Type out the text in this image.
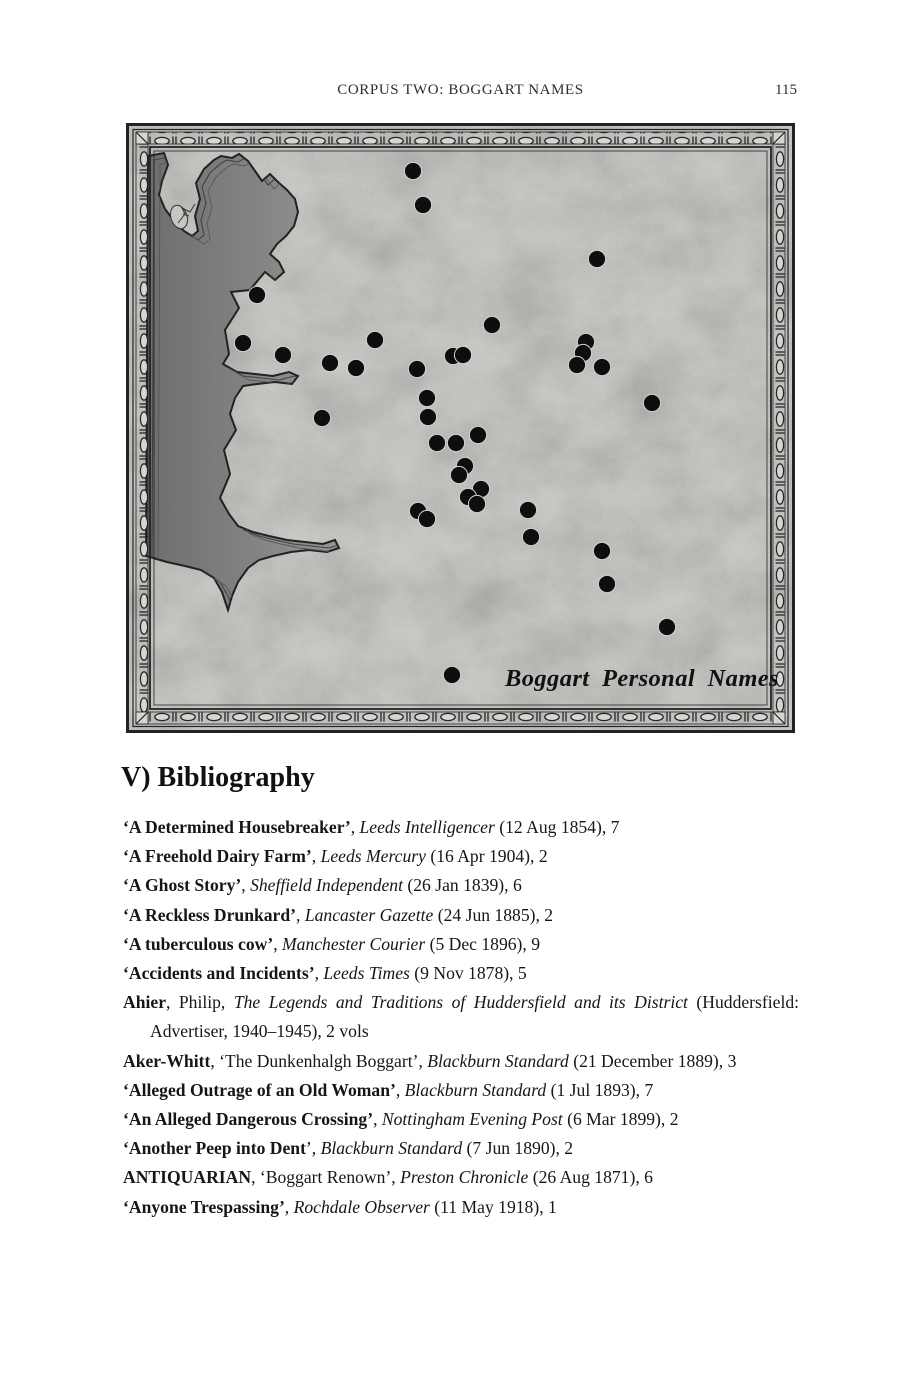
CORPUS TWO: BOGGART NAMES	115
Boggart Personal Names
V) Bibliography

‘A Determined Housebreaker’, Leeds Intelligencer (12 Aug 1854), 7

‘A Freehold Dairy Farm’, Leeds Mercury (16 Apr 1904), 2

‘A Ghost Story’, Sheffield Independent (26 Jan 1839), 6

‘A Reckless Drunkard’, Lancaster Gazette (24 Jun 1885), 2

‘A tuberculous cow’, Manchester Courier (5 Dec 1896), 9

‘Accidents and Incidents’, Leeds Times (9 Nov 1878), 5

Ahier, Philip, The Legends and Traditions of Huddersfield and its District (Huddersfield: Advertiser, 1940–1945), 2 vols

Aker-Whitt, ‘The Dunkenhalgh Boggart’, Blackburn Standard (21 December 1889), 3

‘Alleged Outrage of an Old Woman’, Blackburn Standard (1 Jul 1893), 7

‘An Alleged Dangerous Crossing’, Nottingham Evening Post (6 Mar 1899), 2

‘Another Peep into Dent’, Blackburn Standard (7 Jun 1890), 2

ANTIQUARIAN, ‘Boggart Renown’, Preston Chronicle (26 Aug 1871), 6

‘Anyone Trespassing’, Rochdale Observer (11 May 1918), 1
